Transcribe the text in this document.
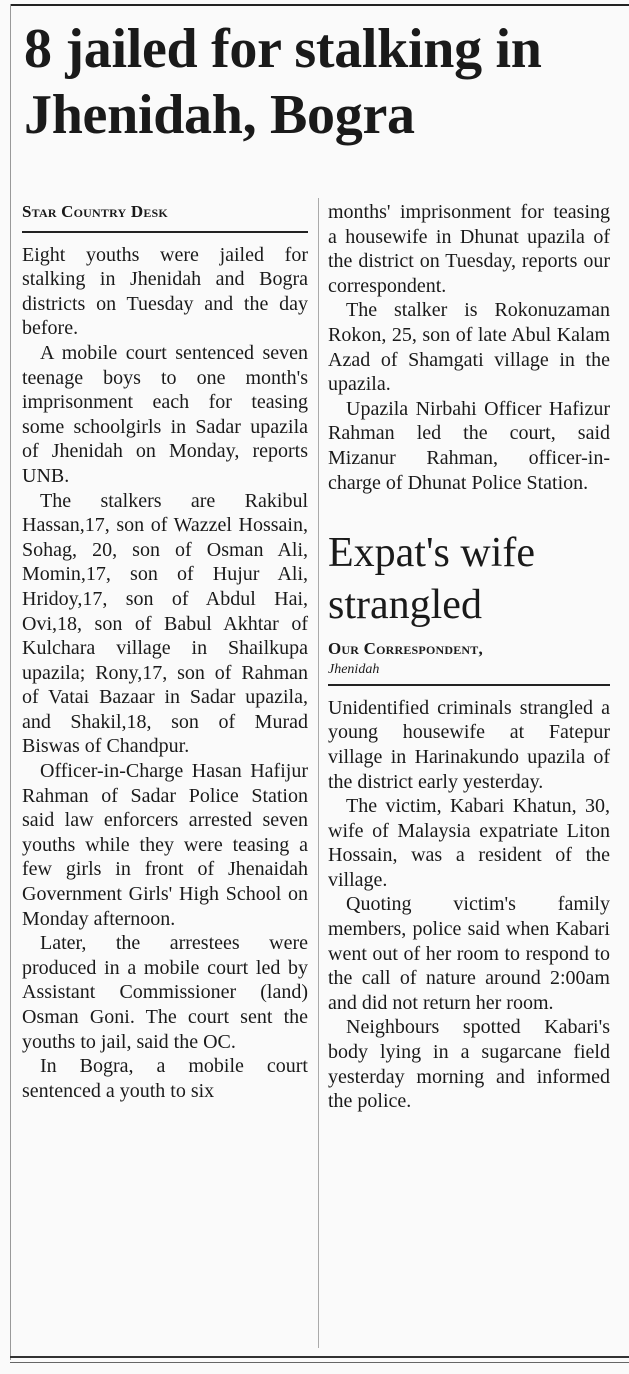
8 jailed for stalking in Jhenidah, Bogra
Star Country Desk

Eight youths were jailed for stalking in Jhenidah and Bogra districts on Tuesday and the day before.

A mobile court sentenced seven teenage boys to one month's imprisonment each for teasing some schoolgirls in Sadar upazila of Jhenidah on Monday, reports UNB.

The stalkers are Rakibul Hassan,17, son of Wazzel Hossain, Sohag, 20, son of Osman Ali, Momin,17, son of Hujur Ali, Hridoy,17, son of Abdul Hai, Ovi,18, son of Babul Akhtar of Kulchara village in Shailkupa upazila; Rony,17, son of Rahman of Vatai Bazaar in Sadar upazila, and Shakil,18, son of Murad Biswas of Chandpur.

Officer-in-Charge Hasan Hafijur Rahman of Sadar Police Station said law enforcers arrested seven youths while they were teasing a few girls in front of Jhenaidah Government Girls' High School on Monday afternoon.

Later, the arrestees were produced in a mobile court led by Assistant Commissioner (land) Osman Goni. The court sent the youths to jail, said the OC.

In Bogra, a mobile court sentenced a youth to six

months' imprisonment for teasing a housewife in Dhunat upazila of the district on Tuesday, reports our correspondent.

The stalker is Rokonuzaman Rokon, 25, son of late Abul Kalam Azad of Shamgati village in the upazila.

Upazila Nirbahi Officer Hafizur Rahman led the court, said Mizanur Rahman, officer-in-charge of Dhunat Police Station.

Expat's wife strangled
Our Correspondent,
Jhenidah

Unidentified criminals strangled a young housewife at Fatepur village in Harinakundo upazila of the district early yesterday.

The victim, Kabari Khatun, 30, wife of Malaysia expatriate Liton Hossain, was a resident of the village.

Quoting victim's family members, police said when Kabari went out of her room to respond to the call of nature around 2:00am and did not return her room.

Neighbours spotted Kabari's body lying in a sugarcane field yesterday morning and informed the police.
